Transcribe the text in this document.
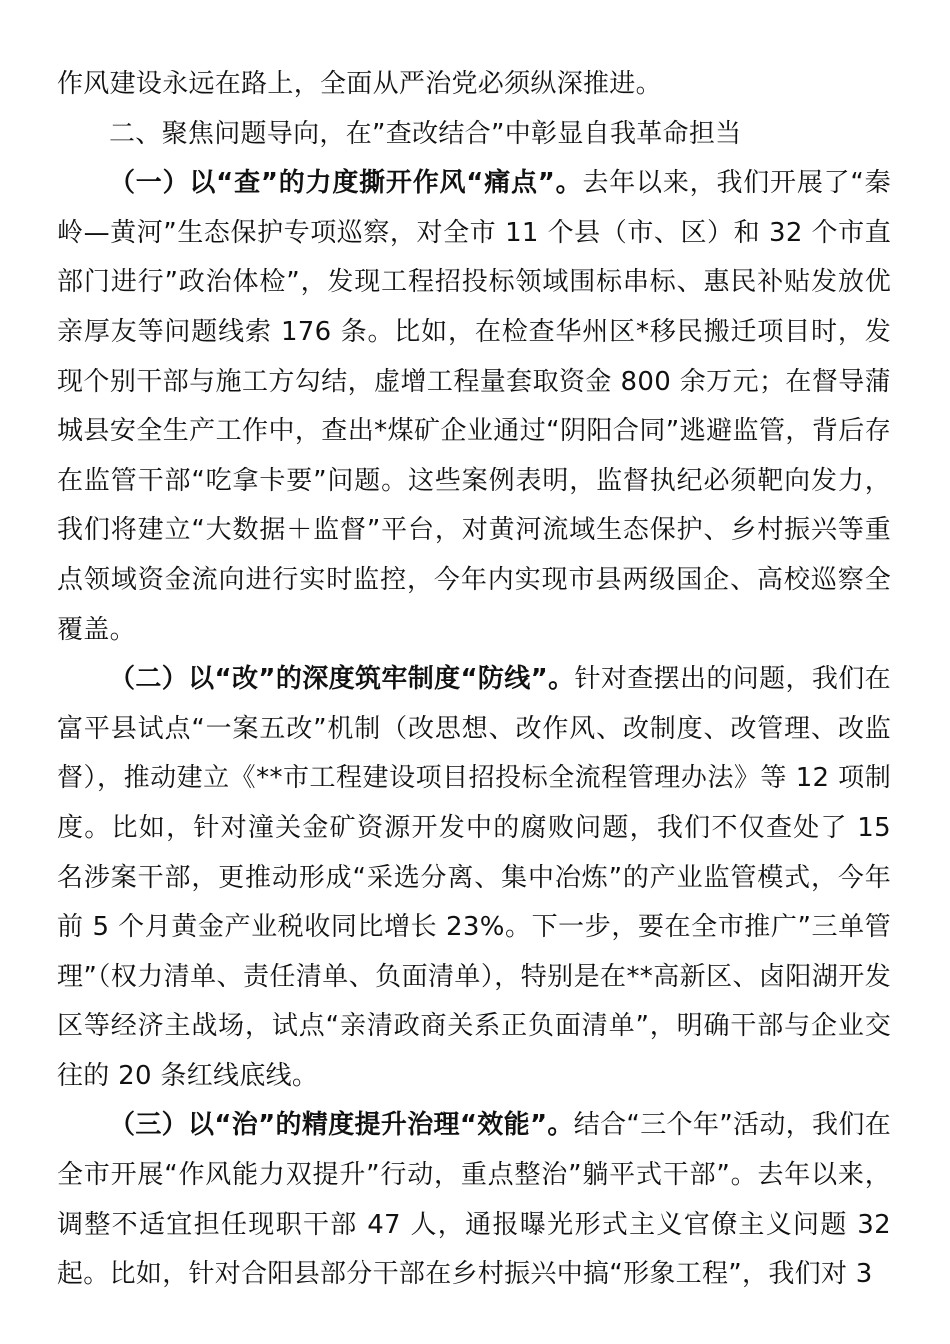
作风建设永远在路上，全面从严治党必须纵深推进。

二、聚焦问题导向，在”查改结合”中彰显自我革命担当

（一）以“查”的力度撕开作风“痛点”。去年以来，我们开展了“秦岭—黄河”生态保护专项巡察，对全市 11 个县（市、区）和 32 个市直部门进行”政治体检”，发现工程招投标领域围标串标、惠民补贴发放优亲厚友等问题线索 176 条。比如，在检查华州区*移民搬迁项目时，发现个别干部与施工方勾结，虚增工程量套取资金 800 余万元；在督导蒲城县安全生产工作中，查出*煤矿企业通过“阴阳合同”逃避监管，背后存在监管干部“吃拿卡要”问题。这些案例表明，监督执纪必须靶向发力，我们将建立“大数据＋监督”平台，对黄河流域生态保护、乡村振兴等重点领域资金流向进行实时监控，今年内实现市县两级国企、高校巡察全覆盖。

（二）以“改”的深度筑牢制度“防线”。针对查摆出的问题，我们在富平县试点“一案五改”机制（改思想、改作风、改制度、改管理、改监督），推动建立《**市工程建设项目招投标全流程管理办法》等 12 项制度。比如，针对潼关金矿资源开发中的腐败问题，我们不仅查处了 15 名涉案干部，更推动形成“采选分离、集中冶炼”的产业监管模式，今年前 5 个月黄金产业税收同比增长 23%。下一步，要在全市推广”三单管理”（权力清单、责任清单、负面清单），特别是在**高新区、卤阳湖开发区等经济主战场，试点“亲清政商关系正负面清单”，明确干部与企业交往的 20 条红线底线。

（三）以“治”的精度提升治理“效能”。结合“三个年”活动，我们在全市开展“作风能力双提升”行动，重点整治”躺平式干部”。去年以来，调整不适宜担任现职干部 47 人，通报曝光形式主义官僚主义问题 32 起。比如，针对合阳县部分干部在乡村振兴中搞“形象工程”，我们对 3
